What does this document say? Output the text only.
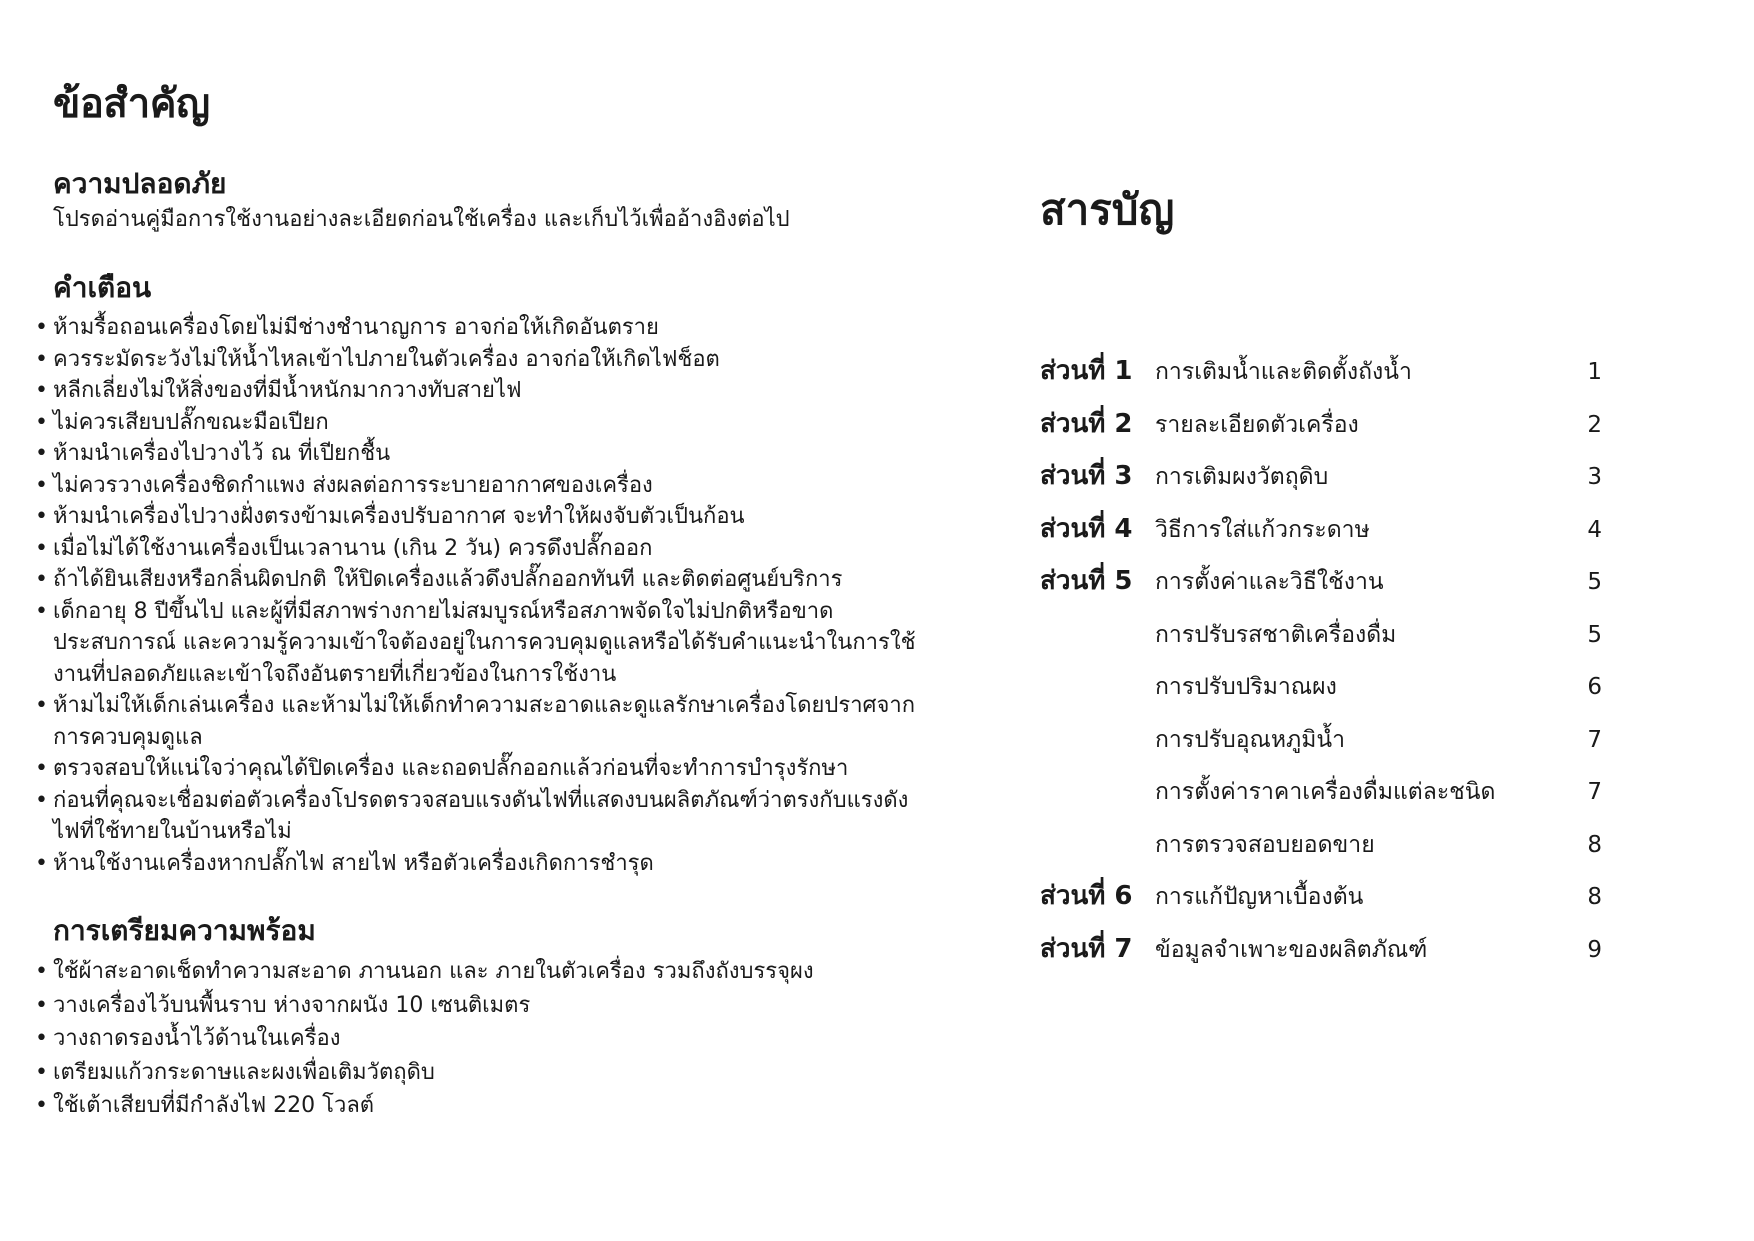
ข้อสำคัญ
ความปลอดภัย

โปรดอ่านคู่มือการใช้งานอย่างละเอียดก่อนใช้เครื่อง และเก็บไว้เพื่ออ้างอิงต่อไป

คำเตือน
• ห้ามรื้อถอนเครื่องโดยไม่มีช่างชำนาญการ อาจก่อให้เกิดอันตราย
• ควรระมัดระวังไม่ให้น้ำไหลเข้าไปภายในตัวเครื่อง อาจก่อให้เกิดไฟช็อต
• หลีกเลี่ยงไม่ให้สิ่งของที่มีน้ำหนักมากวางทับสายไฟ
• ไม่ควรเสียบปลั๊กขณะมือเปียก
• ห้ามนำเครื่องไปวางไว้ ณ ที่เปียกชื้น
• ไม่ควรวางเครื่องชิดกำแพง ส่งผลต่อการระบายอากาศของเครื่อง
• ห้ามนำเครื่องไปวางฝั่งตรงข้ามเครื่องปรับอากาศ จะทำให้ผงจับตัวเป็นก้อน
• เมื่อไม่ได้ใช้งานเครื่องเป็นเวลานาน (เกิน 2 วัน) ควรดึงปลั๊กออก
• ถ้าได้ยินเสียงหรือกลิ่นผิดปกติ ให้ปิดเครื่องแล้วดึงปลั๊กออกทันที และติดต่อศูนย์บริการ
• เด็กอายุ 8 ปีขึ้นไป และผู้ที่มีสภาพร่างกายไม่สมบูรณ์หรือสภาพจัดใจไม่ปกติหรือขาดประสบการณ์ และความรู้ความเข้าใจต้องอยู่ในการควบคุมดูแลหรือได้รับคำแนะนำในการใช้งานที่ปลอดภัยและเข้าใจถึงอันตรายที่เกี่ยวข้องในการใช้งาน
• ห้ามไม่ให้เด็กเล่นเครื่อง และห้ามไม่ให้เด็กทำความสะอาดและดูแลรักษาเครื่องโดยปราศจากการควบคุมดูแล
• ตรวจสอบให้แน่ใจว่าคุณได้ปิดเครื่อง และถอดปลั๊กออกแล้วก่อนที่จะทำการบำรุงรักษา
• ก่อนที่คุณจะเชื่อมต่อตัวเครื่องโปรดตรวจสอบแรงดันไฟที่แสดงบนผลิตภัณฑ์ว่าตรงกับแรงดังไฟที่ใช้ทายในบ้านหรือไม่
• ห้านใช้งานเครื่องหากปลั๊กไฟ สายไฟ หรือตัวเครื่องเกิดการชำรุด
การเตรียมความพร้อม
• ใช้ผ้าสะอาดเช็ดทำความสะอาด ภานนอก และ ภายในตัวเครื่อง รวมถึงถังบรรจุผง
• วางเครื่องไว้บนพื้นราบ ห่างจากผนัง 10 เซนติเมตร
• วางถาดรองน้ำไว้ด้านในเครื่อง
• เตรียมแก้วกระดาษและผงเพื่อเติมวัตถุดิบ
• ใช้เต้าเสียบที่มีกำลังไฟ 220 โวลต์
สารบัญ
ส่วนที่ 1 การเติมน้ำและติดตั้งถังน้ำ	1
ส่วนที่ 2 รายละเอียดตัวเครื่อง	2
ส่วนที่ 3 การเติมผงวัตถุดิบ	3
ส่วนที่ 4 วิธีการใส่แก้วกระดาษ	4
ส่วนที่ 5 การตั้งค่าและวิธีใช้งาน	5
การปรับรสชาติเครื่องดื่ม	5
การปรับปริมาณผง	6
การปรับอุณหภูมิน้ำ	7
การตั้งค่าราคาเครื่องดื่มแต่ละชนิด	7
การตรวจสอบยอดขาย	8
ส่วนที่ 6 การแก้ปัญหาเบื้องต้น	8
ส่วนที่ 7 ข้อมูลจำเพาะของผลิตภัณฑ์	9
